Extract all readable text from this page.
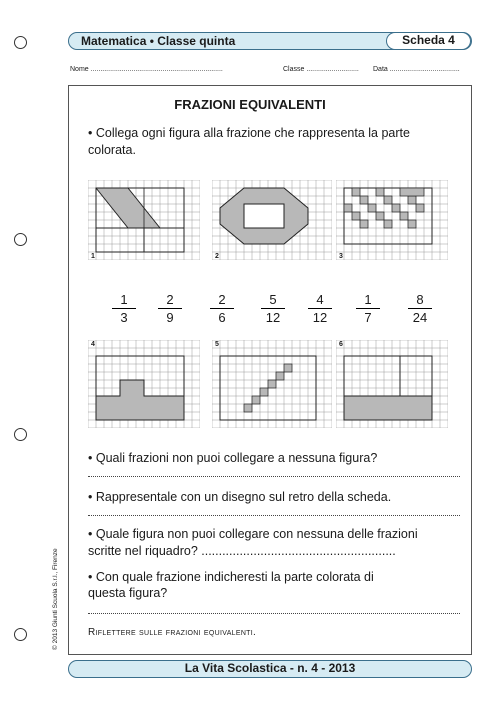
Matematica • Classe quinta	Scheda 4
Nome ....................................................................	Classe ........................... Data ....................................
FRAZIONI EQUIVALENTI
• Collega ogni figura alla frazione che rappresenta la parte colorata.
1	2	3
4	5	6
1
3
2
9
2
6
5
12
4
12
1
7
8
24
• Quali frazioni non puoi collegare a nessuna figura?
• Rappresentale con un disegno sul retro della scheda.
• Quale figura non puoi collegare con nessuna delle frazioni
scritte nel riquadro? ........................................................
• Con quale frazione indicheresti la parte colorata di
questa figura?
Riflettere sulle frazioni equivalenti.
© 2013 Giunti Scuola S.r.l., Firenze
La Vita Scolastica - n. 4 - 2013
